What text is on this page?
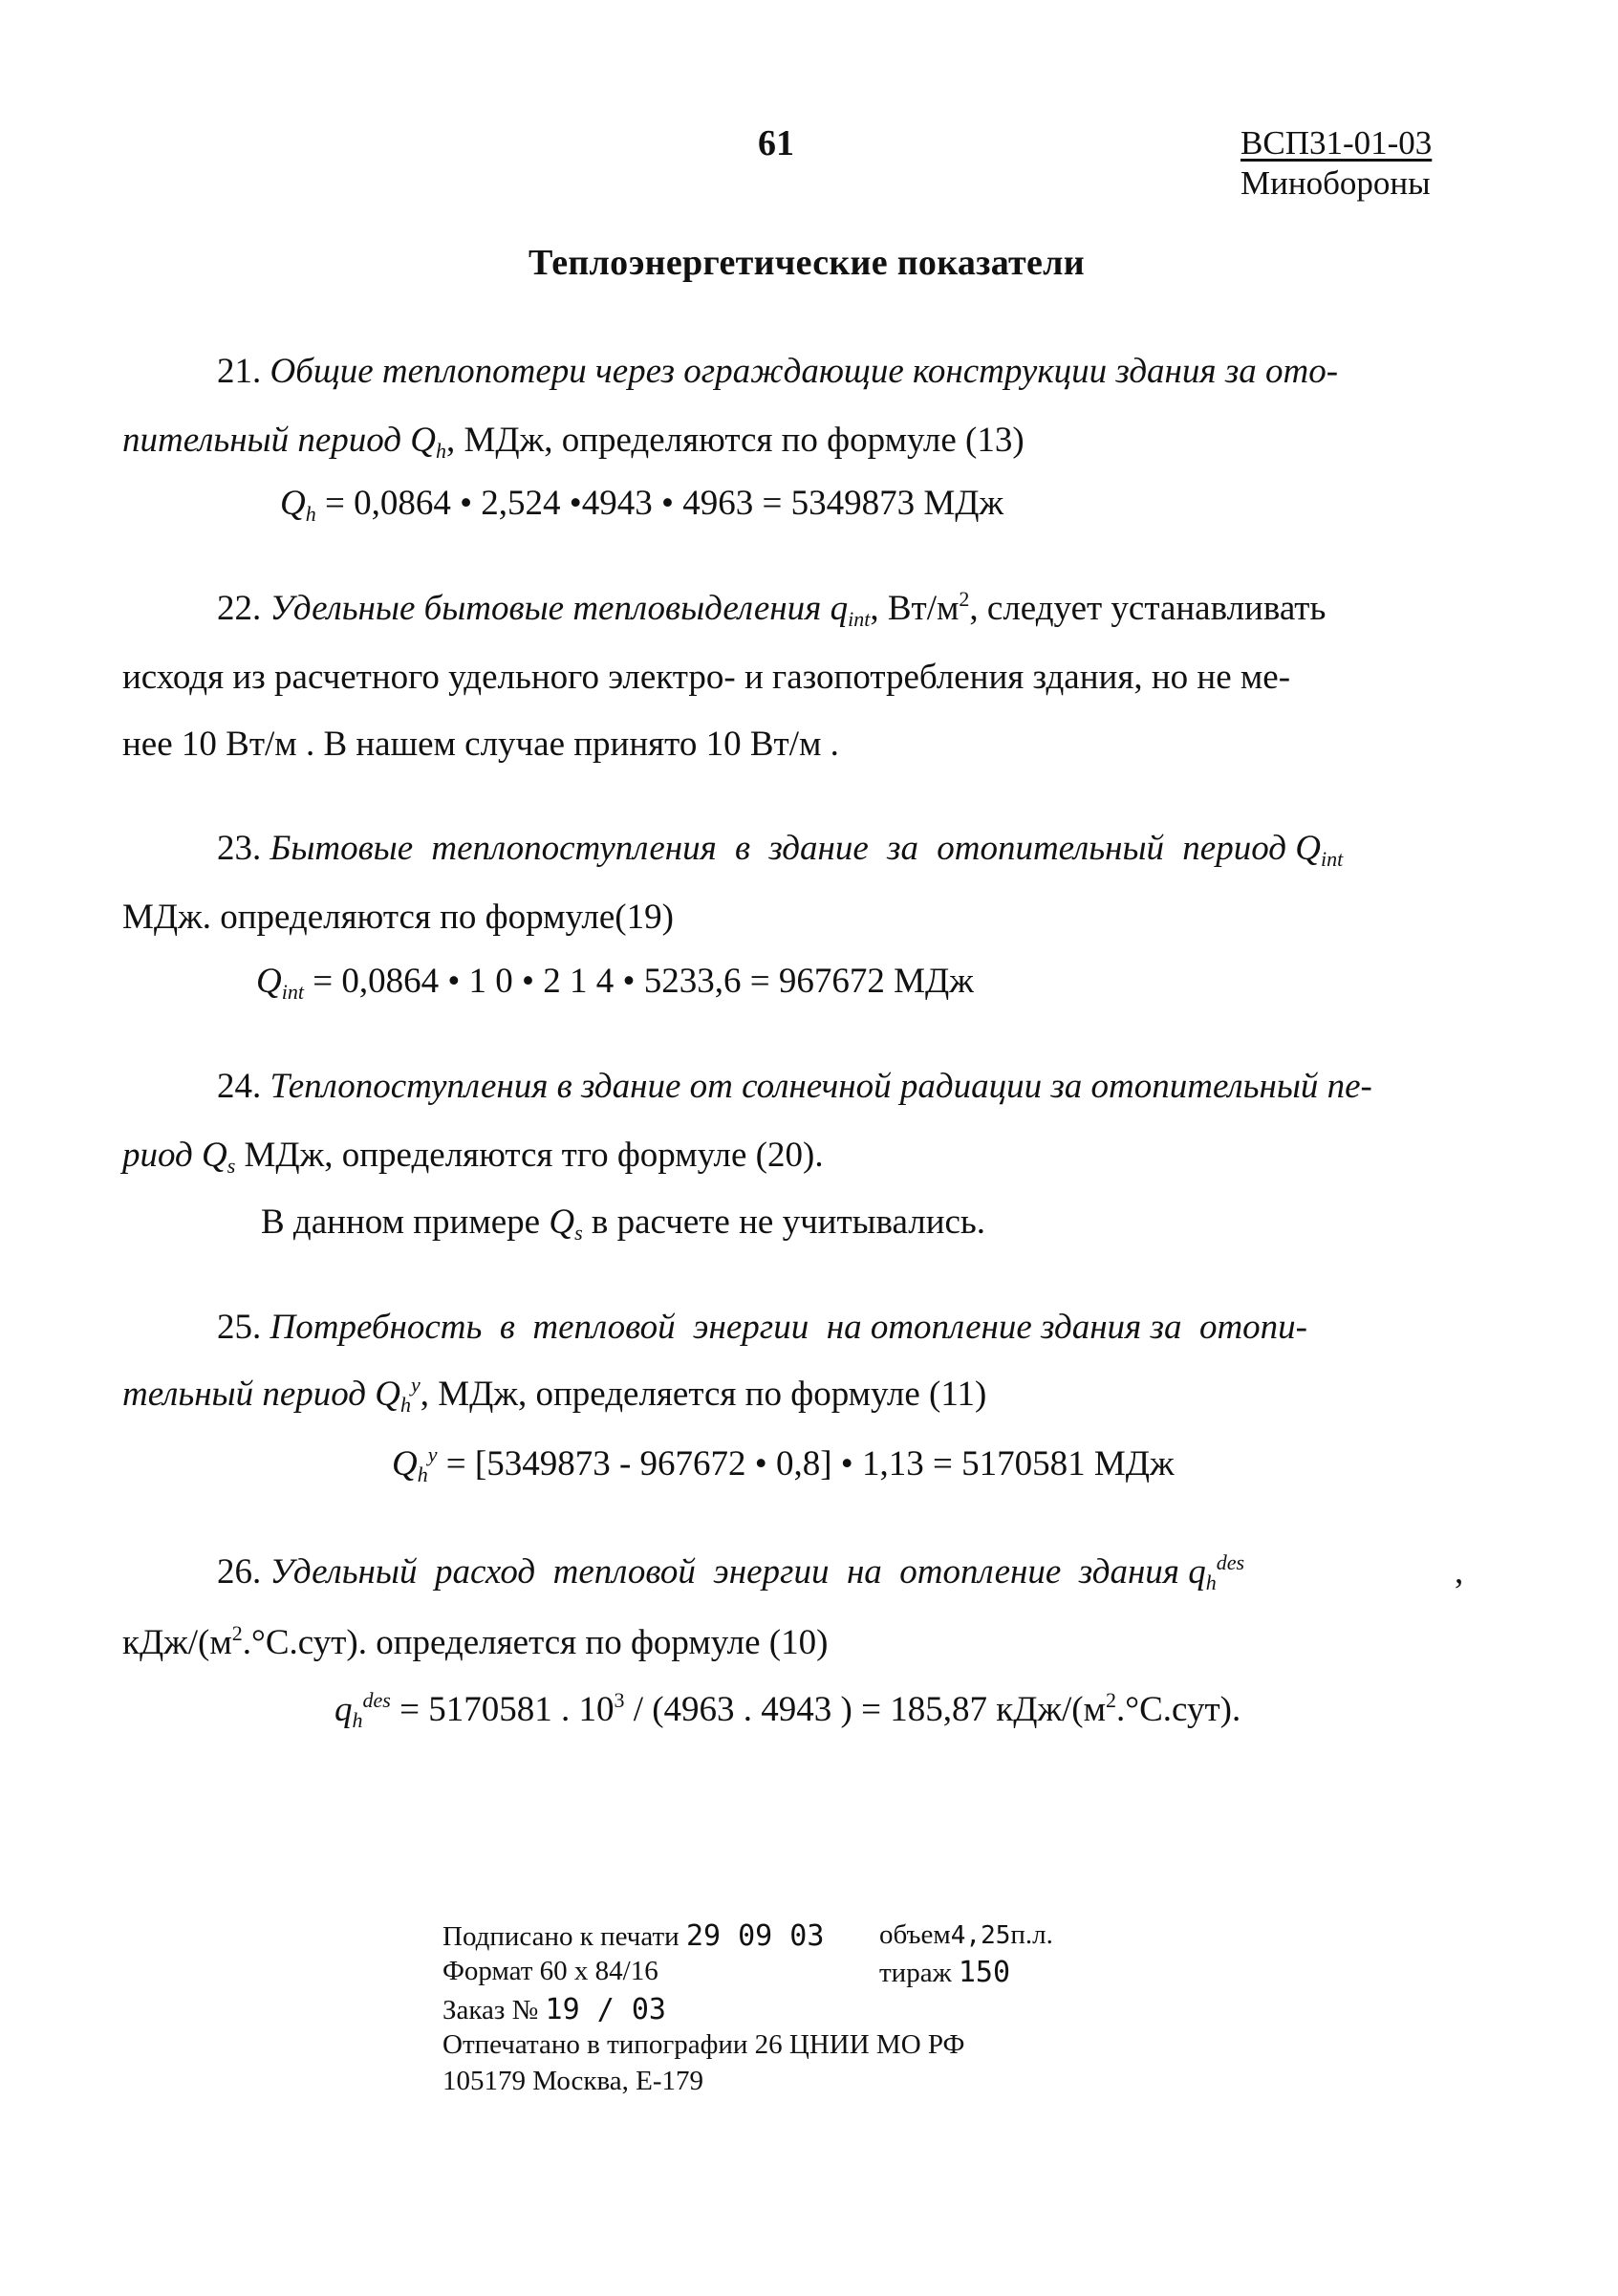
61	ВСП31-01-03
Минобороны
Теплоэнергетические показатели
21. Общие теплопотери через ограждающие конструкции здания за ото-
пительный период $Q_h$, МДж, определяются по формуле (13)
$Q_h = 0,0864$ • 2,524 •4943 • 4963 = 5349873 МДж
22. Удельные бытовые тепловыделения $q_{int}$, $Вт/м^2$, следует устанавливать
исходя из расчетного удельного электро- и газопотребления здания, но не ме-
нее 10 Вт/м . В нашем случае принято 10 Вт/м .
23. Бытовые теплопоступления в здание за отопительный период $Q_{int}$
МДж. определяются по формуле(19)
$Q_{int} = 0,0864$ • 1 0 • 2 1 4 • 5233,6 = 967672 МДж
24. Теплопоступления в здание от солнечной радиации за отопительный пе-
риод $Q_s$ МДж, определяются тго формуле (20).
В данном примере $Q_s$ в расчете не учитывались.
25. Потребность  в  тепловой  энергии  на отопление здания за  отопи-
тельный период $Q_h^y$, МДж, определяется по формуле (11)
$Q_h^y = [5349873 - 967672$ • 0,8] • 1,13 = 5170581 МДж
26. Удельный  расход  тепловой  энергии  на  отопление  здания $q_h^{des}$	,
кДж/$(м^2.^\circ С.сут)$. определяется по формуле (10)
$q_h^{des} = 5170581$ . $10^3 / (4963$ . 4943 ) = 185,87 кДж/$(м^2.^\circ С.сут)$.
Подписано к печати 29 09 03 объем4,25п.л.
Формат 60 х 84/16	тираж 150
Заказ № 19 / 03
Отпечатано в типографии 26 ЦНИИ МО РФ
105179 Москва, Е-179
